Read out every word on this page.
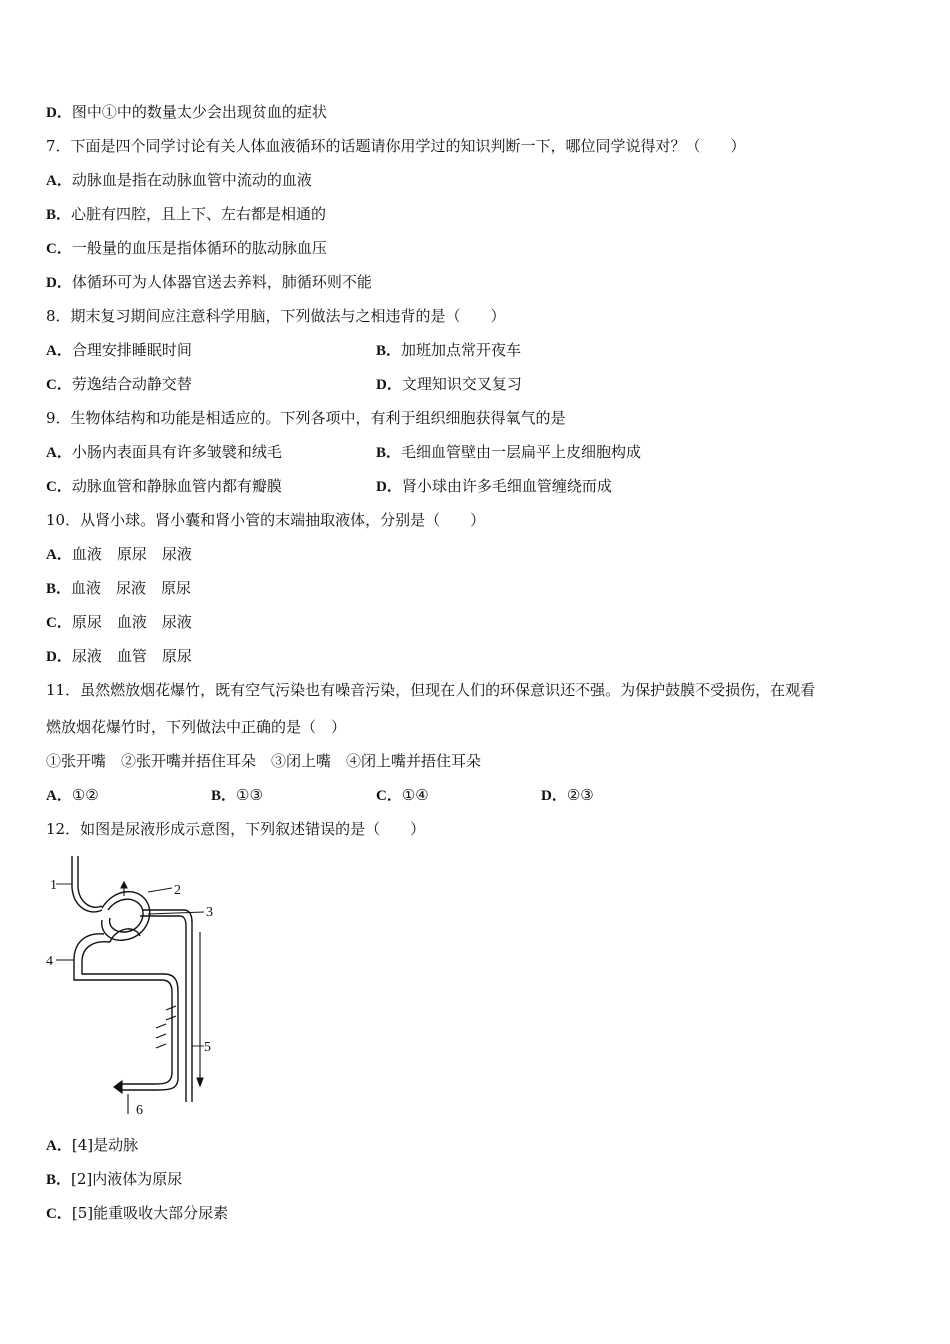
D．图中①中的数量太少会出现贫血的症状
7．下面是四个同学讨论有关人体血液循环的话题请你用学过的知识判断一下，哪位同学说得对？（　　）
A．动脉血是指在动脉血管中流动的血液
B．心脏有四腔，且上下、左右都是相通的
C．一般量的血压是指体循环的肱动脉血压
D．体循环可为人体器官送去养料，肺循环则不能
8．期末复习期间应注意科学用脑，下列做法与之相违背的是（　　）
A．合理安排睡眠时间	B．加班加点常开夜车
C．劳逸结合动静交替	D．文理知识交叉复习
9．生物体结构和功能是相适应的。下列各项中，有利于组织细胞获得氧气的是
A．小肠内表面具有许多皱襞和绒毛	B．毛细血管壁由一层扁平上皮细胞构成
C．动脉血管和静脉血管内都有瓣膜	D．肾小球由许多毛细血管缠绕而成
10．从肾小球。肾小囊和肾小管的末端抽取液体，分别是（　　）
A．血液　原尿　尿液
B．血液　尿液　原尿
C．原尿　血液　尿液
D．尿液　血管　原尿
11．虽然燃放烟花爆竹，既有空气污染也有噪音污染，但现在人们的环保意识还不强。为保护鼓膜不受损伤，在观看
燃放烟花爆竹时，下列做法中正确的是（　）
①张开嘴　②张开嘴并捂住耳朵　③闭上嘴　④闭上嘴并捂住耳朵
A．①②	B．①③	C．①④	D．②③
12．如图是尿液形成示意图，下列叙述错误的是（　　）
1	2
3
4
5
6
A．[4]是动脉
B．[2]内液体为原尿
C．[5]能重吸收大部分尿素
